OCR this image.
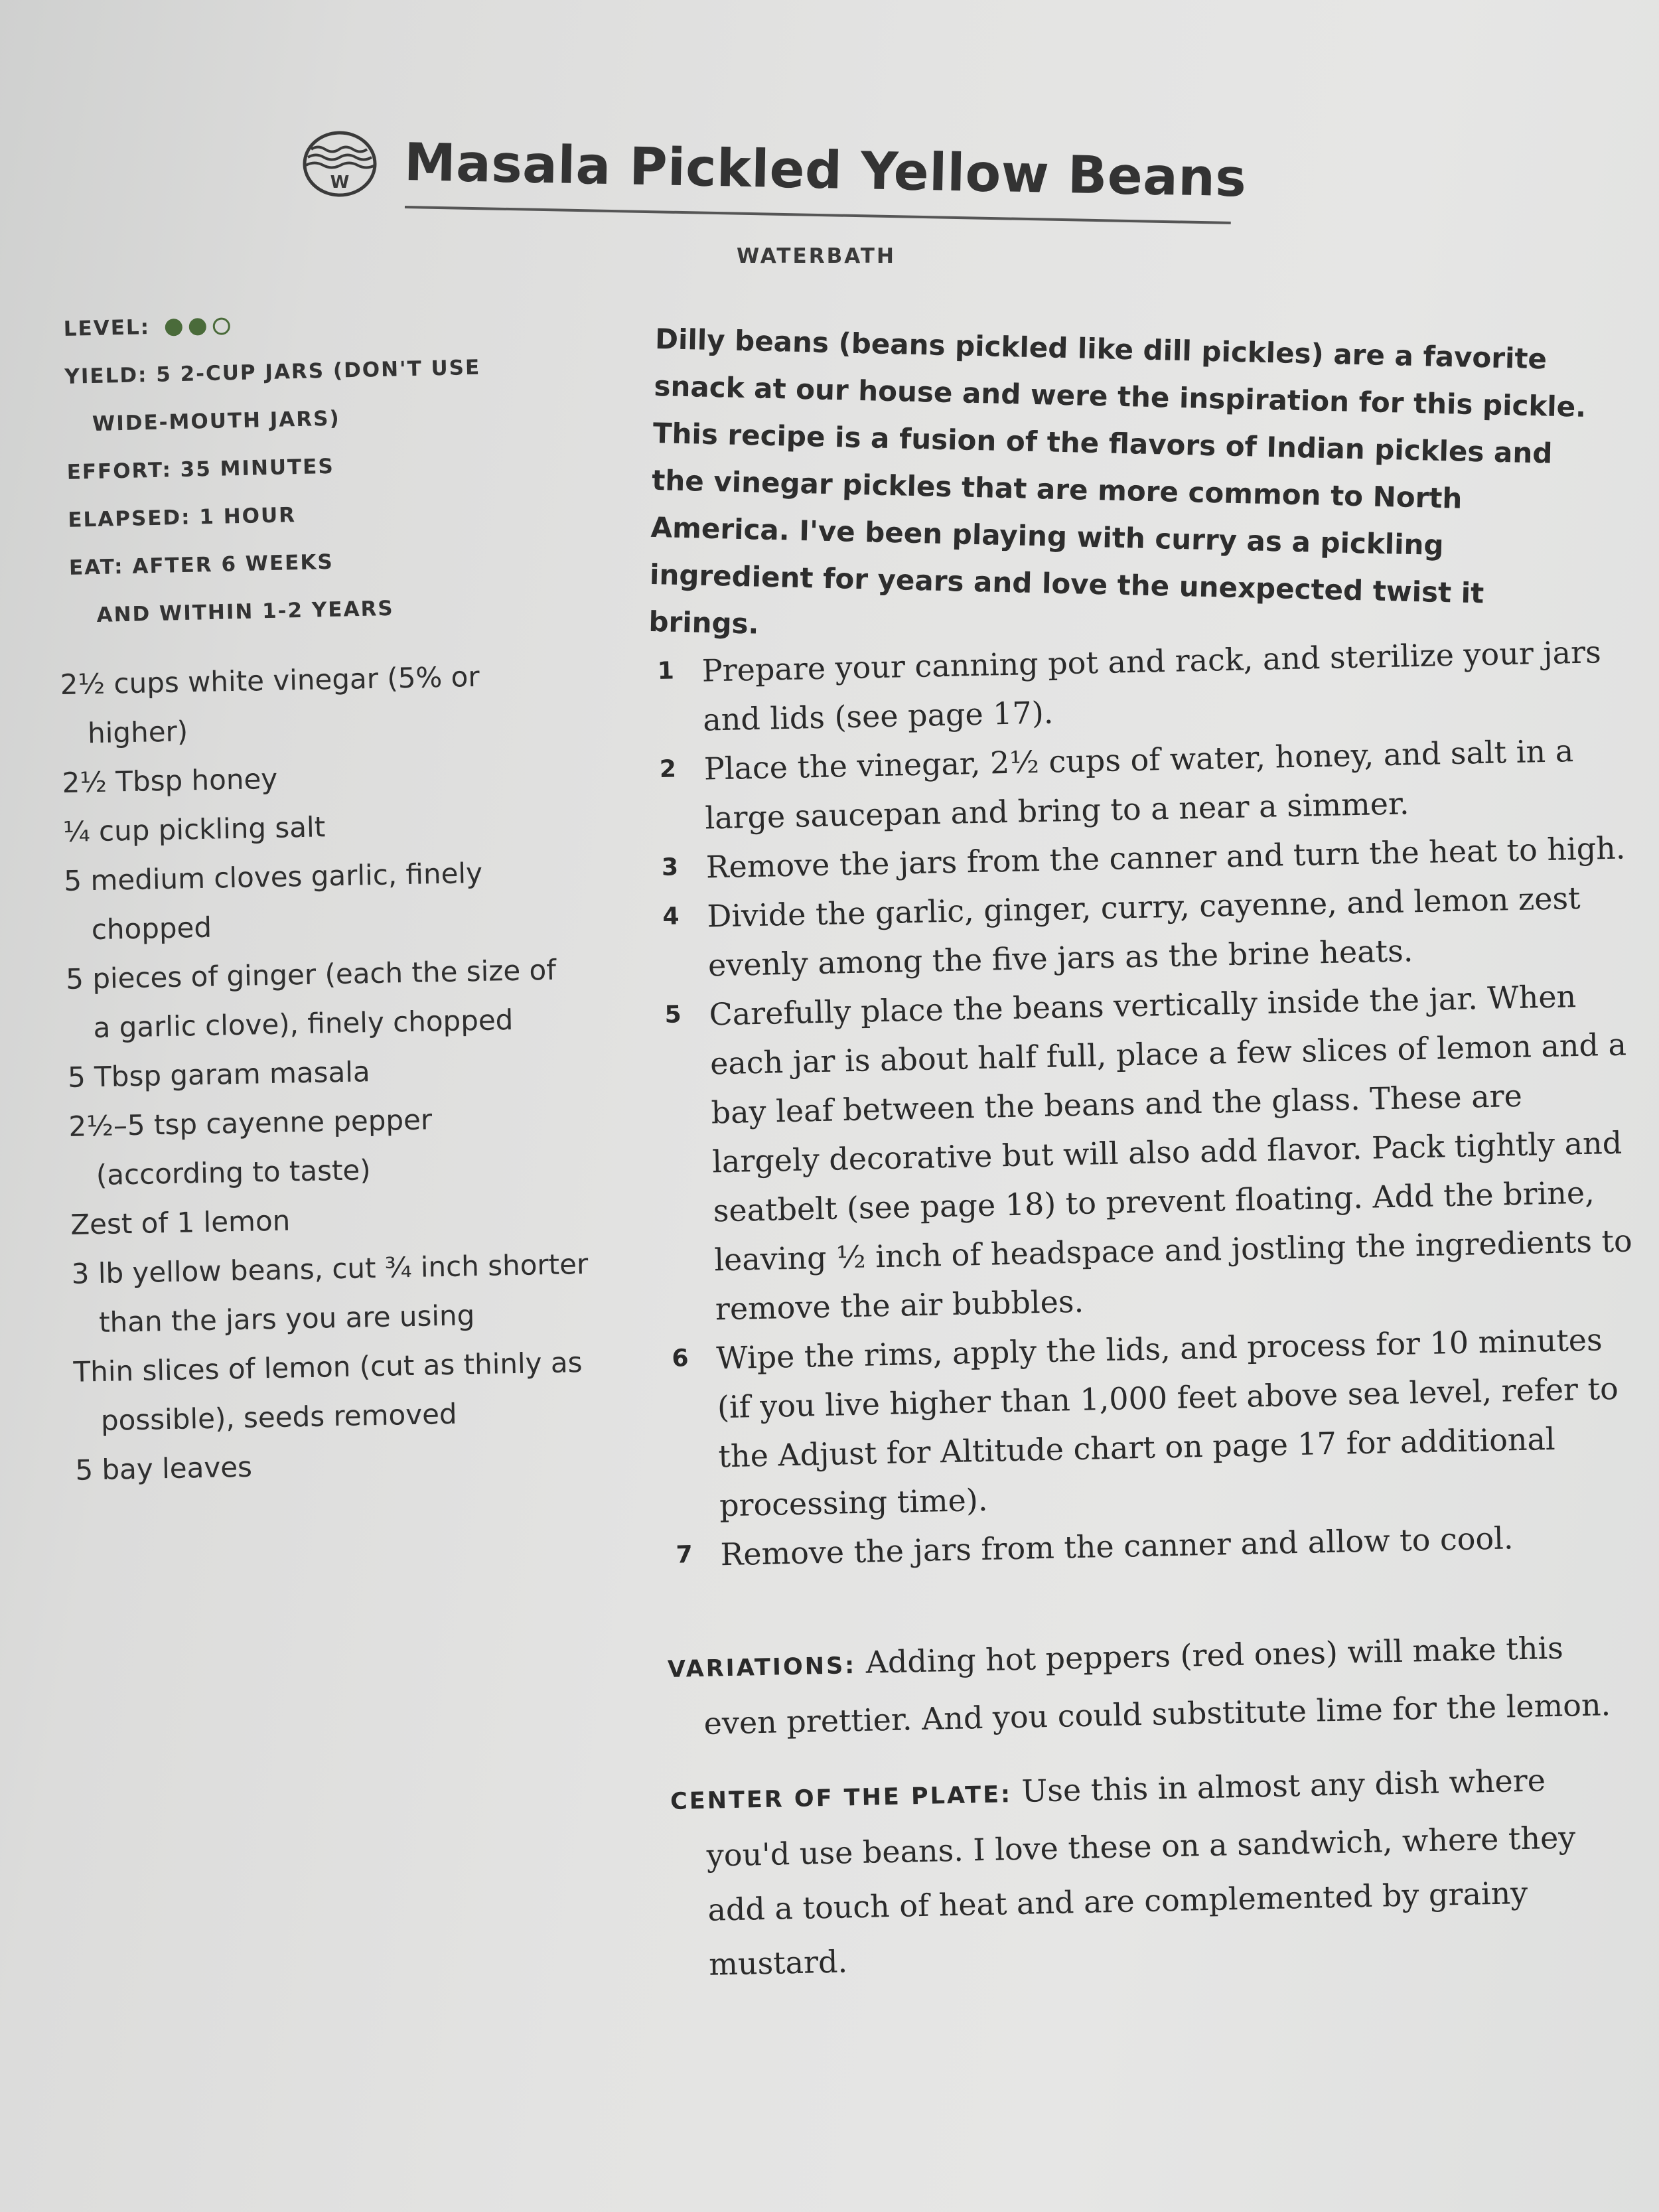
W Masala Pickled Yellow Beans
WATERBATH
LEVEL:
YIELD: 5 2-CUP JARS (DON'T USE
WIDE-MOUTH JARS)
EFFORT: 35 MINUTES
ELAPSED: 1 HOUR
EAT: AFTER 6 WEEKS
AND WITHIN 1-2 YEARS
2½ cups white vinegar (5% or
higher)
2½ Tbsp honey
¼ cup pickling salt
5 medium cloves garlic, finely
chopped
5 pieces of ginger (each the size of
a garlic clove), finely chopped
5 Tbsp garam masala
2½–5 tsp cayenne pepper
(according to taste)
Zest of 1 lemon
3 lb yellow beans, cut ¾ inch shorter
than the jars you are using
Thin slices of lemon (cut as thinly as
possible), seeds removed
5 bay leaves

Dilly beans (beans pickled like dill pickles) are a favorite snack at our house and were the inspiration for this pickle. This recipe is a fusion of the flavors of Indian pickles and the vinegar pickles that are more common to North America. I've been playing with curry as a pickling ingredient for years and love the unexpected twist it brings.

1 Prepare your canning pot and rack, and sterilize your jars and lids (see page 17).

2 Place the vinegar, 2½ cups of water, honey, and salt in a large saucepan and bring to a near a simmer.

3 Remove the jars from the canner and turn the heat to high.

4 Divide the garlic, ginger, curry, cayenne, and lemon zest evenly among the five jars as the brine heats.

5 Carefully place the beans vertically inside the jar. When each jar is about half full, place a few slices of lemon and a bay leaf between the beans and the glass. These are largely decorative but will also add flavor. Pack tightly and seatbelt (see page 18) to prevent floating. Add the brine, leaving ½ inch of headspace and jostling the ingredients to remove the air bubbles.

6 Wipe the rims, apply the lids, and process for 10 minutes (if you live higher than 1,000 feet above sea level, refer to the Adjust for Altitude chart on page 17 for additional processing time).

7 Remove the jars from the canner and allow to cool.

VARIATIONS: Adding hot peppers (red ones) will make this even prettier. And you could substitute lime for the lemon.

CENTER OF THE PLATE: Use this in almost any dish where you'd use beans. I love these on a sandwich, where they add a touch of heat and are complemented by grainy mustard.
